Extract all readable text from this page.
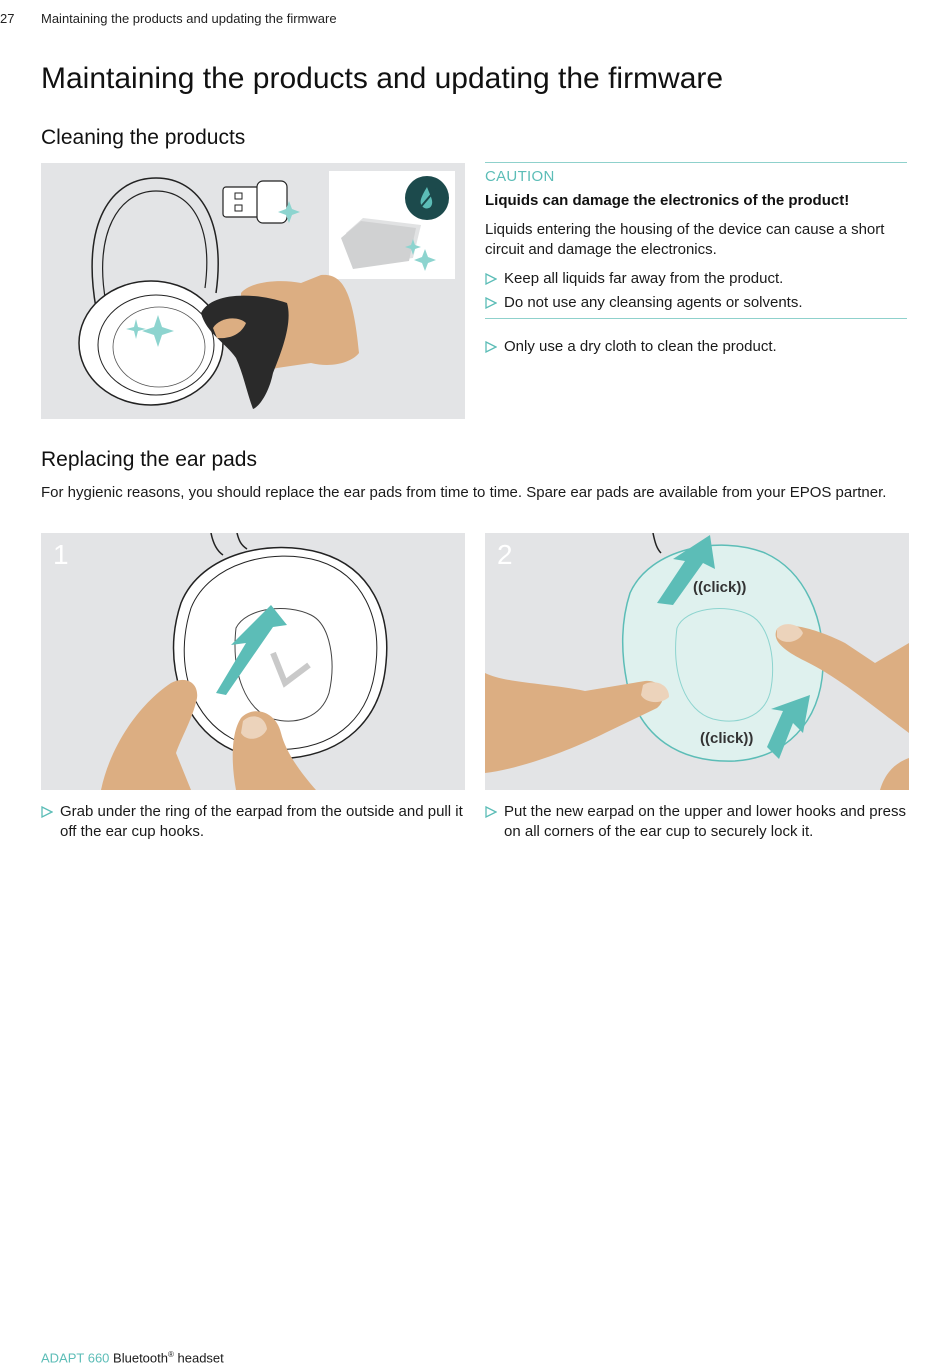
27 Maintaining the products and updating the firmware
Maintaining the products and updating the firmware
Cleaning the products
CAUTION
Liquids can damage the electronics of the product!
Liquids entering the housing of the device can cause a short circuit and damage the electronics.
Keep all liquids far away from the product.
Do not use any cleansing agents or solvents.
Only use a dry cloth to clean the product.
Replacing the ear pads
For hygienic reasons, you should replace the ear pads from time to time. Spare ear pads are available from your EPOS partner.
1	2
((click))
((click))
Grab under the ring of the earpad from the outside and pull it off the ear cup hooks.
Put the new earpad on the upper and lower hooks and press on all corners of the ear cup to securely lock it.
ADAPT 660 Bluetooth® headset
